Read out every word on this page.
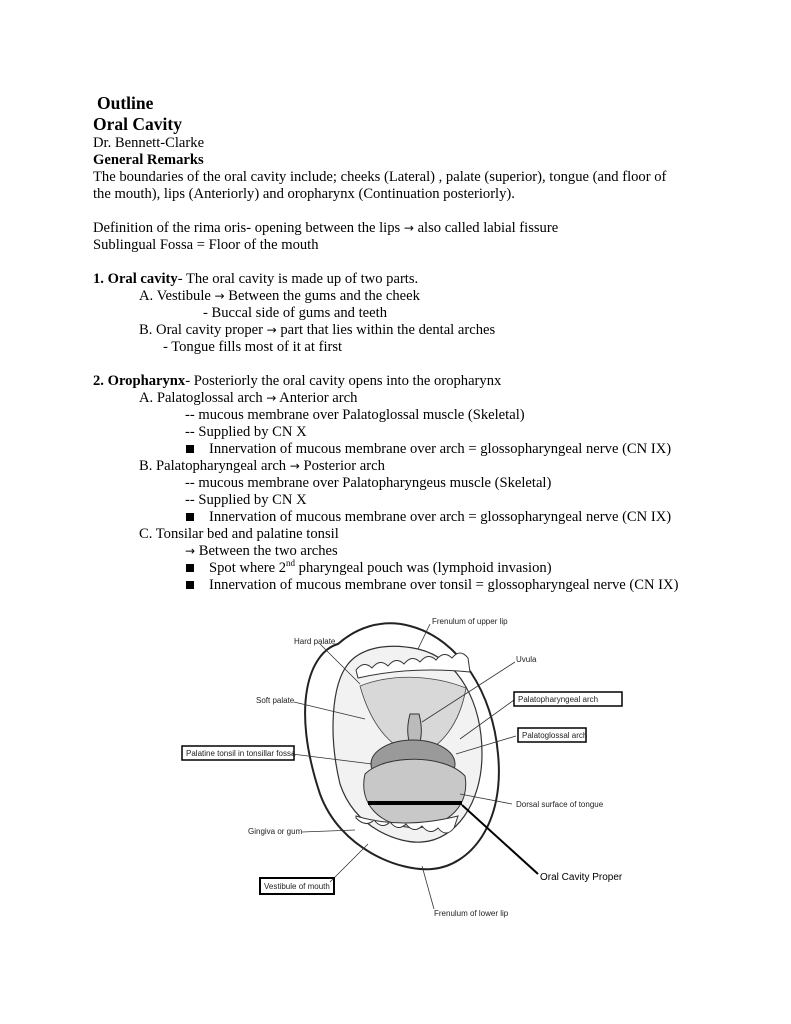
Outline
Oral Cavity
Dr. Bennett-Clarke
General Remarks
The boundaries of the oral cavity include; cheeks (Lateral) , palate (superior), tongue (and floor of
the mouth), lips (Anteriorly) and oropharynx (Continuation posteriorly).
Definition of the rima oris- opening between the lips → also called labial fissure
Sublingual Fossa = Floor of the mouth
1. Oral cavity- The oral cavity is made up of two parts.
A. Vestibule → Between the gums and the cheek
- Buccal side of gums and teeth
B. Oral cavity proper → part that lies within the dental arches
- Tongue fills most of it at first
2. Oropharynx- Posteriorly the oral cavity opens into the oropharynx
A. Palatoglossal arch → Anterior arch
-- mucous membrane over Palatoglossal muscle (Skeletal)
-- Supplied by CN X
Innervation of mucous membrane over arch = glossopharyngeal nerve (CN IX)
B. Palatopharyngeal arch → Posterior arch
-- mucous membrane over Palatopharyngeus muscle (Skeletal)
-- Supplied by CN X
Innervation of mucous membrane over arch = glossopharyngeal nerve (CN IX)
C. Tonsilar bed and palatine tonsil
→ Between the two arches
Spot where 2nd pharyngeal pouch was (lymphoid invasion)
Innervation of mucous membrane over tonsil = glossopharyngeal nerve (CN IX)
Frenulum of upper lip
Hard palate
Uvula
Soft palate	Palatopharyngeal arch
Palatoglossal arch
Palatine tonsil in tonsillar fossa
Dorsal surface of tongue
Gingiva or gum
Oral Cavity Proper
Vestibule of mouth
Frenulum of lower lip
